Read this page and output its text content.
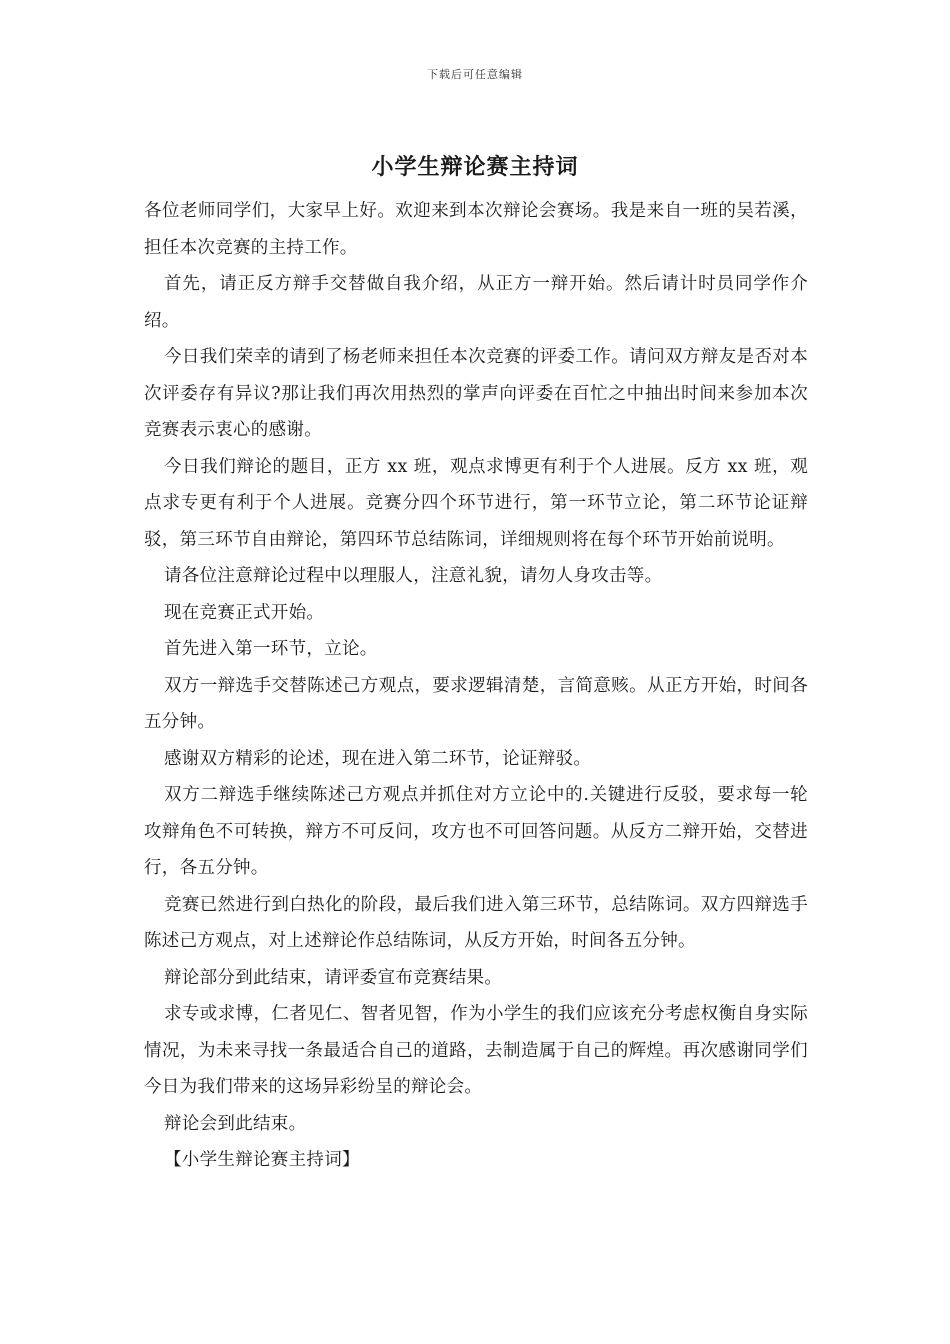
下载后可任意编辑
小学生辩论赛主持词

各位老师同学们，大家早上好。欢迎来到本次辩论会赛场。我是来自一班的吴若溪，担任本次竞赛的主持工作。

首先，请正反方辩手交替做自我介绍，从正方一辩开始。然后请计时员同学作介绍。

今日我们荣幸的请到了杨老师来担任本次竞赛的评委工作。请问双方辩友是否对本次评委存有异议?那让我们再次用热烈的掌声向评委在百忙之中抽出时间来参加本次竞赛表示衷心的感谢。

今日我们辩论的题目，正方 xx 班，观点求博更有利于个人进展。反方 xx 班，观点求专更有利于个人进展。竞赛分四个环节进行，第一环节立论，第二环节论证辩驳，第三环节自由辩论，第四环节总结陈词，详细规则将在每个环节开始前说明。

请各位注意辩论过程中以理服人，注意礼貌，请勿人身攻击等。

现在竞赛正式开始。

首先进入第一环节，立论。

双方一辩选手交替陈述己方观点，要求逻辑清楚，言简意赅。从正方开始，时间各五分钟。

感谢双方精彩的论述，现在进入第二环节，论证辩驳。

双方二辩选手继续陈述己方观点并抓住对方立论中的.关键进行反驳，要求每一轮攻辩角色不可转换，辩方不可反问，攻方也不可回答问题。从反方二辩开始，交替进行，各五分钟。

竞赛已然进行到白热化的阶段，最后我们进入第三环节，总结陈词。双方四辩选手陈述己方观点，对上述辩论作总结陈词，从反方开始，时间各五分钟。

辩论部分到此结束，请评委宣布竞赛结果。

求专或求博，仁者见仁、智者见智，作为小学生的我们应该充分考虑权衡自身实际情况，为未来寻找一条最适合自己的道路，去制造属于自己的辉煌。再次感谢同学们今日为我们带来的这场异彩纷呈的辩论会。

辩论会到此结束。

【小学生辩论赛主持词】
